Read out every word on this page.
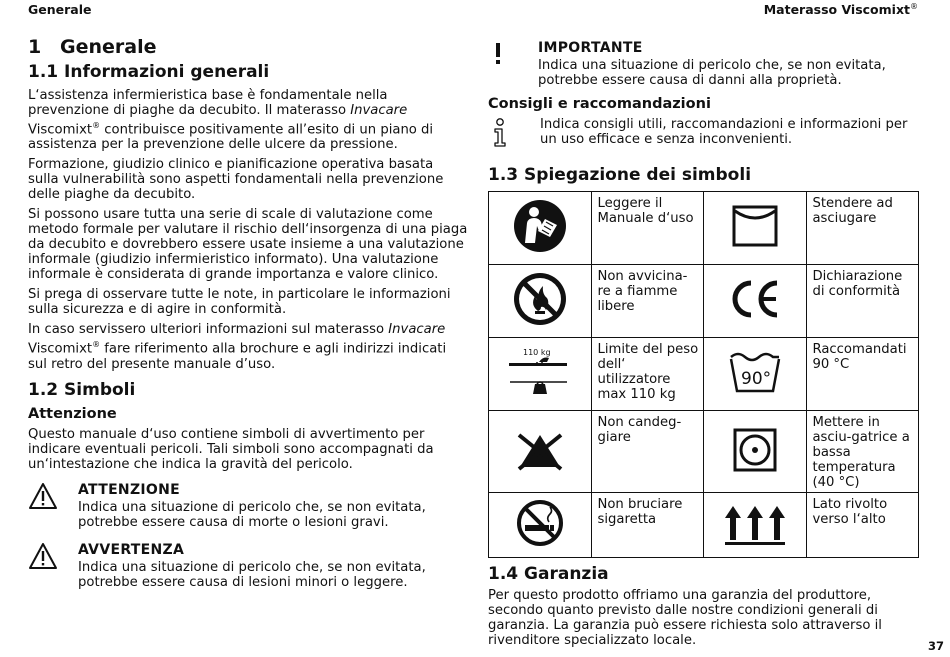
Generale	Materasso Viscomixt®
1 Generale
1.1 Informazioni generali

L‘assistenza infermieristica base è fondamentale nella prevenzione di piaghe da decubito. Il materasso Invacare Viscomixt® contribuisce positivamente all’esito di un piano di assistenza per la prevenzione delle ulcere da pressione.

Formazione, giudizio clinico e pianificazione operativa basata sulla vulnerabilità sono aspetti fondamentali nella prevenzione delle piaghe da decubito.

Si possono usare tutta una serie di scale di valutazione come metodo formale per valutare il rischio dell‘insorgenza di una piaga da decubito e dovrebbero essere usate insieme a una valutazione informale (giudizio infermieristico informato). Una valutazione informale è considerata di grande importanza e valore clinico.

Si prega di osservare tutte le note, in particolare le informazioni sulla sicurezza e di agire in conformità.

In caso servissero ulteriori informazioni sul materasso Invacare Viscomixt® fare riferimento alla brochure e agli indirizzi indicati sul retro del presente manuale d’uso.

1.2 Simboli
Attenzione

Questo manuale d‘uso contiene simboli di avvertimento per indicare eventuali pericoli. Tali simboli sono accompagnati da un‘intestazione che indica la gravità del pericolo.

ATTENZIONE

Indica una situazione di pericolo che, se non evitata, potrebbe essere causa di morte o lesioni gravi.

AVVERTENZA

Indica una situazione di pericolo che, se non evitata, potrebbe essere causa di lesioni minori o leggere.

IMPORTANTE

Indica una situazione di pericolo che, se non evitata, potrebbe essere causa di danni alla proprietà.

Consigli e raccomandazioni

Indica consigli utili, raccomandazioni e informazioni per un uso efficace e senza inconvenienti.

1.3 Spiegazione dei simboli
	Leggere il Manuale d‘uso		Stendere ad asciugare
	Non avvicina-re a fiamme libere		Dichiarazione di conformità

110 kg	Limite del peso dell‘ utilizzatore max 110 kg	90°	Raccomandati 90 °C
	Non candeg-giare		Mettere in asciu-gatrice a bassa temperatura (40 °C)
	Non bruciare sigaretta		Lato rivolto verso l‘alto
1.4 Garanzia

Per questo prodotto offriamo una garanzia del produttore, secondo quanto previsto dalle nostre condizioni generali di garanzia. La garanzia può essere richiesta solo attraverso il rivenditore specializzato locale.	37
